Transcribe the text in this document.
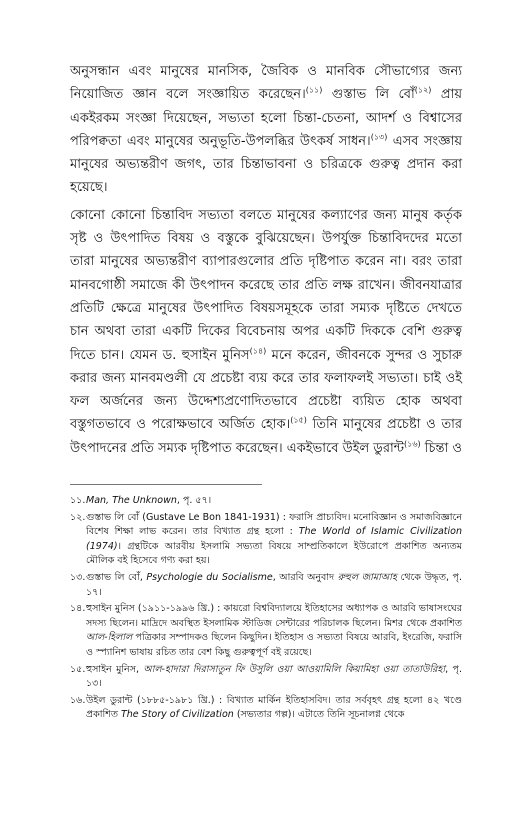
অনুসন্ধান এবং মানুষের মানসিক, জৈবিক ও মানবিক সৌভাগ্যের জন্য নিয়োজিত জ্ঞান বলে সংজ্ঞায়িত করেছেন।$^{(১১)}$ গুস্তাভ লি বোঁ$^{(১২)}$ প্রায় একইরকম সংজ্ঞা দিয়েছেন, সভ্যতা হলো চিন্তা-চেতনা, আদর্শ ও বিশ্বাসের পরিপক্বতা এবং মানুষের অনুভূতি-উপলব্ধির উৎকর্ষ সাধন।$^{(১৩)}$ এসব সংজ্ঞায় মানুষের অভ্যন্তরীণ জগৎ, তার চিন্তাভাবনা ও চরিত্রকে গুরুত্ব প্রদান করা হয়েছে।

কোনো কোনো চিন্তাবিদ সভ্যতা বলতে মানুষের কল্যাণের জন্য মানুষ কর্তৃক সৃষ্ট ও উৎপাদিত বিষয় ও বস্তুকে বুঝিয়েছেন। উপর্যুক্ত চিন্তাবিদদের মতো তারা মানুষের অভ্যন্তরীণ ব্যাপারগুলোর প্রতি দৃষ্টিপাত করেন না। বরং তারা মানবগোষ্ঠী সমাজে কী উৎপাদন করেছে তার প্রতি লক্ষ রাখেন। জীবনযাত্রার প্রতিটি ক্ষেত্রে মানুষের উৎপাদিত বিষয়সমূহকে তারা সম্যক দৃষ্টিতে দেখতে চান অথবা তারা একটি দিকের বিবেচনায় অপর একটি দিককে বেশি গুরুত্ব দিতে চান। যেমন ড. হুসাইন মুনিস$^{(১৪)}$ মনে করেন, জীবনকে সুন্দর ও সুচারু করার জন্য মানবমণ্ডলী যে প্রচেষ্টা ব্যয় করে তার ফলাফলই সভ্যতা। চাই ওই ফল অর্জনের জন্য উদ্দেশ্যপ্রণোদিতভাবে প্রচেষ্টা ব্যয়িত হোক অথবা বস্তুগতভাবে ও পরোক্ষভাবে অর্জিত হোক।$^{(১৫)}$ তিনি মানুষের প্রচেষ্টা ও তার উৎপাদনের প্রতি সম্যক দৃষ্টিপাত করেছেন। একইভাবে উইল ডুরান্ট$^{(১৬)}$ চিন্তা ও

১১. Man, The Unknown, পৃ. ৫৭।

১২. গুস্তাভ লি বোঁ (Gustave Le Bon 1841-1931) : ফরাসি প্রাচ্যবিদ। মনোবিজ্ঞান ও সমাজবিজ্ঞানে বিশেষ শিক্ষা লাভ করেন। তার বিখ্যাত গ্রন্থ হলো : The World of Islamic Civilization (1974)। গ্রন্থটিকে আরবীয় ইসলামি সভ্যতা বিষয়ে সাম্প্রতিকালে ইউরোপে প্রকাশিত অন্যতম মৌলিক বই হিসেবে গণ্য করা হয়।

১৩. গুস্তাভ লি বোঁ, Psychologie du Socialisme, আরবি অনুবাদ রুহুল জামাআহ থেকে উদ্ধৃত, পৃ. ১৭।

১৪. হুসাইন মুনিস (১৯১১-১৯৯৬ খ্রি.) : কায়রো বিশ্ববিদ্যালয়ে ইতিহাসের অধ্যাপক ও আরবি ভাষাসংঘের সদস্য ছিলেন। মাদ্রিদে অবস্থিত ইসলামিক স্টাডিজ সেন্টারের পরিচালক ছিলেন। মিশর থেকে প্রকাশিত আল-হিলাল পত্রিকার সম্পাদকও ছিলেন কিছুদিন। ইতিহাস ও সভ্যতা বিষয়ে আরবি, ইংরেজি, ফরাসি ও স্প্যানিশ ভাষায় রচিত তার বেশ কিছু গুরুত্বপূর্ণ বই রয়েছে।

১৫. হুসাইন মুনিস, আল-হাদারা দিরাসাতুন ফি উসুলি ওয়া আওয়ামিলি কিয়ামিহা ওয়া তাতাউরিহা, পৃ. ১৩।

১৬. উইল ডুরান্ট (১৮৮৫-১৯৮১ খ্রি.) : বিখ্যাত মার্কিন ইতিহাসবিদ। তার সর্ববৃহৎ গ্রন্থ হলো ৪২ খণ্ডে প্রকাশিত The Story of Civilization (সভ্যতার গল্প)। এটাতে তিনি সূচনালগ্ন থেকে
